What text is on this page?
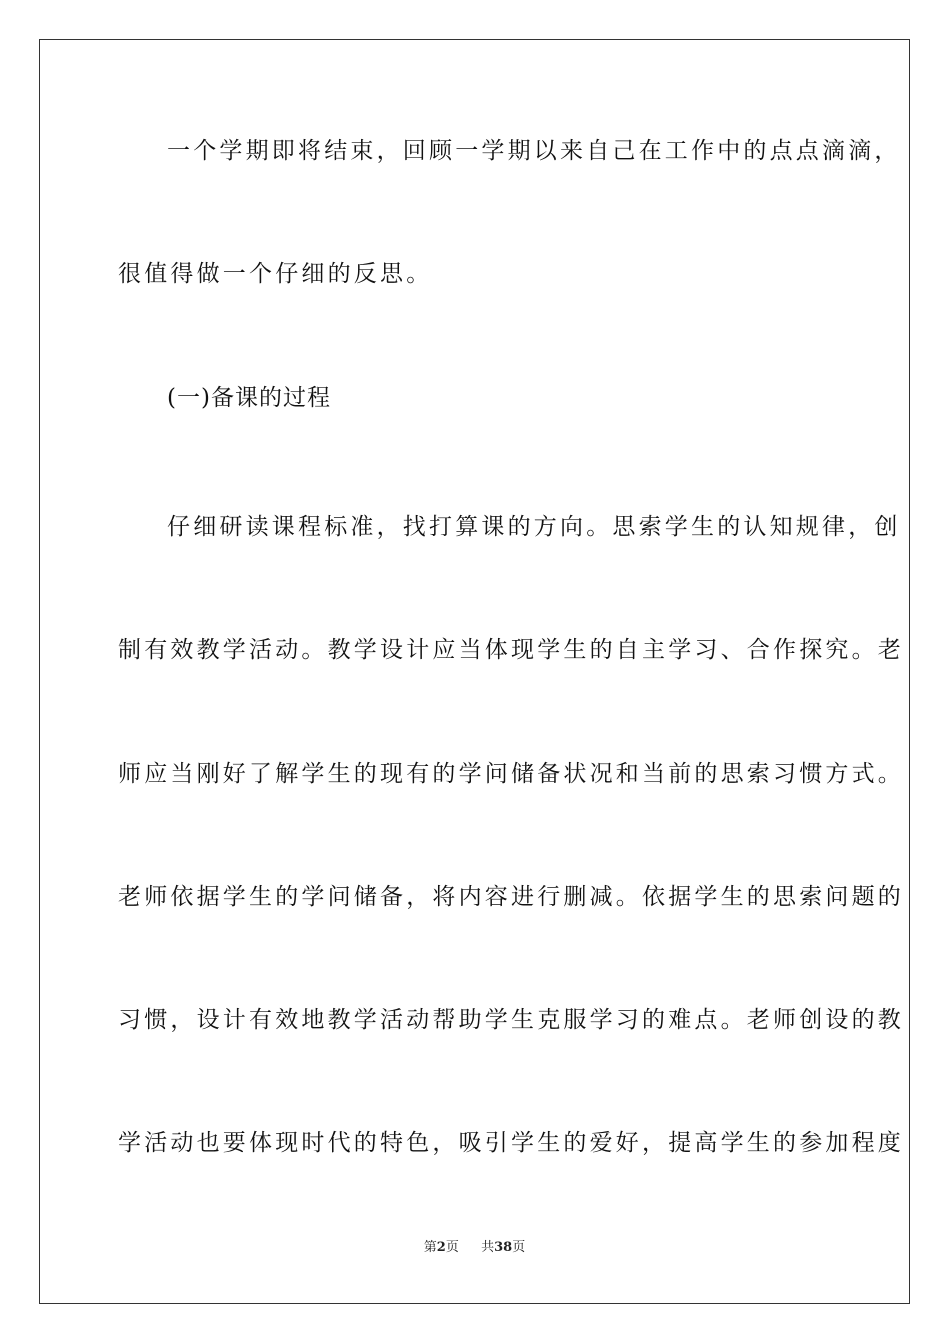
一个学期即将结束，回顾一学期以来自己在工作中的点点滴滴，
很值得做一个仔细的反思。
(一)备课的过程
仔细研读课程标准，找打算课的方向。思索学生的认知规律，创
制有效教学活动。教学设计应当体现学生的自主学习、合作探究。老
师应当刚好了解学生的现有的学问储备状况和当前的思索习惯方式。
老师依据学生的学问储备，将内容进行删减。依据学生的思索问题的
习惯，设计有效地教学活动帮助学生克服学习的难点。老师创设的教
学活动也要体现时代的特色，吸引学生的爱好，提高学生的参加程度
第2页 共38页
